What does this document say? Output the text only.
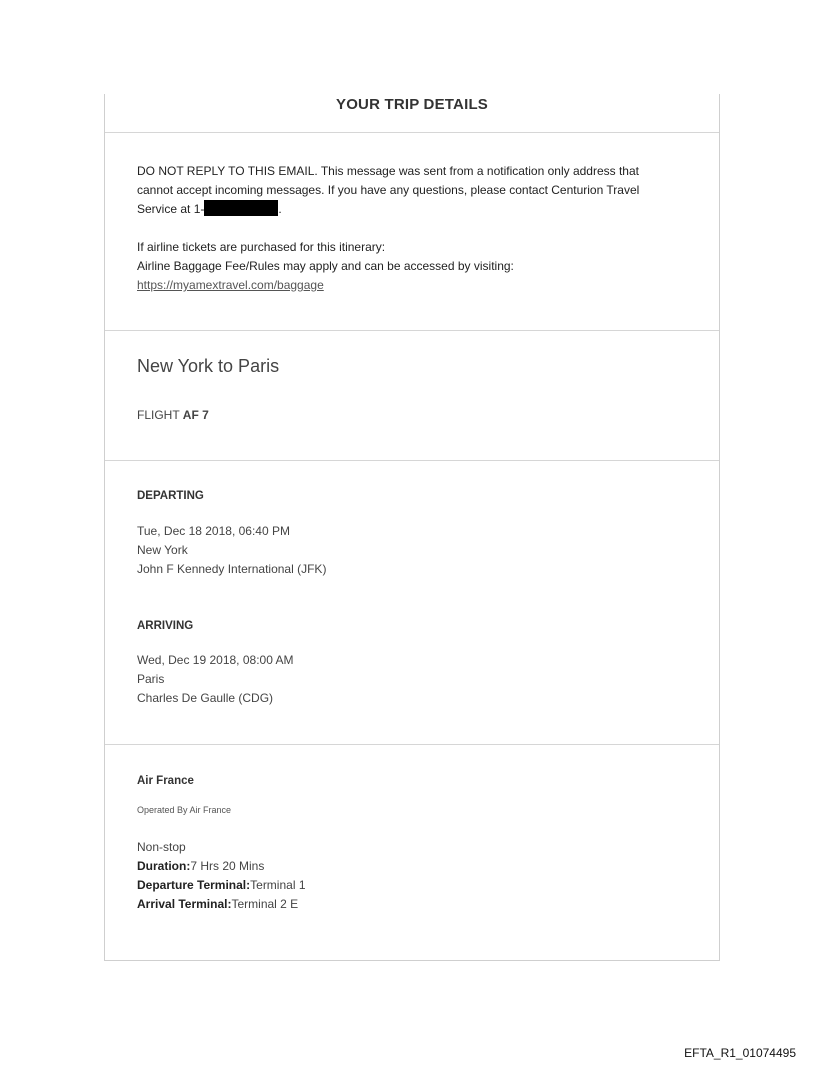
YOUR TRIP DETAILS
DO NOT REPLY TO THIS EMAIL. This message was sent from a notification only address that
cannot accept incoming messages. If you have any questions, please contact Centurion Travel
Service at 1-	.
If airline tickets are purchased for this itinerary:
Airline Baggage Fee/Rules may apply and can be accessed by visiting:
https://myamextravel.com/baggage
New York to Paris
FLIGHT AF 7
DEPARTING
Tue, Dec 18 2018, 06:40 PM
New York
John F Kennedy International (JFK)
ARRIVING
Wed, Dec 19 2018, 08:00 AM
Paris
Charles De Gaulle (CDG)
Air France
Operated By Air France
Non-stop
Duration:7 Hrs 20 Mins
Departure Terminal:Terminal 1
Arrival Terminal:Terminal 2 E
EFTA_R1_01074495
